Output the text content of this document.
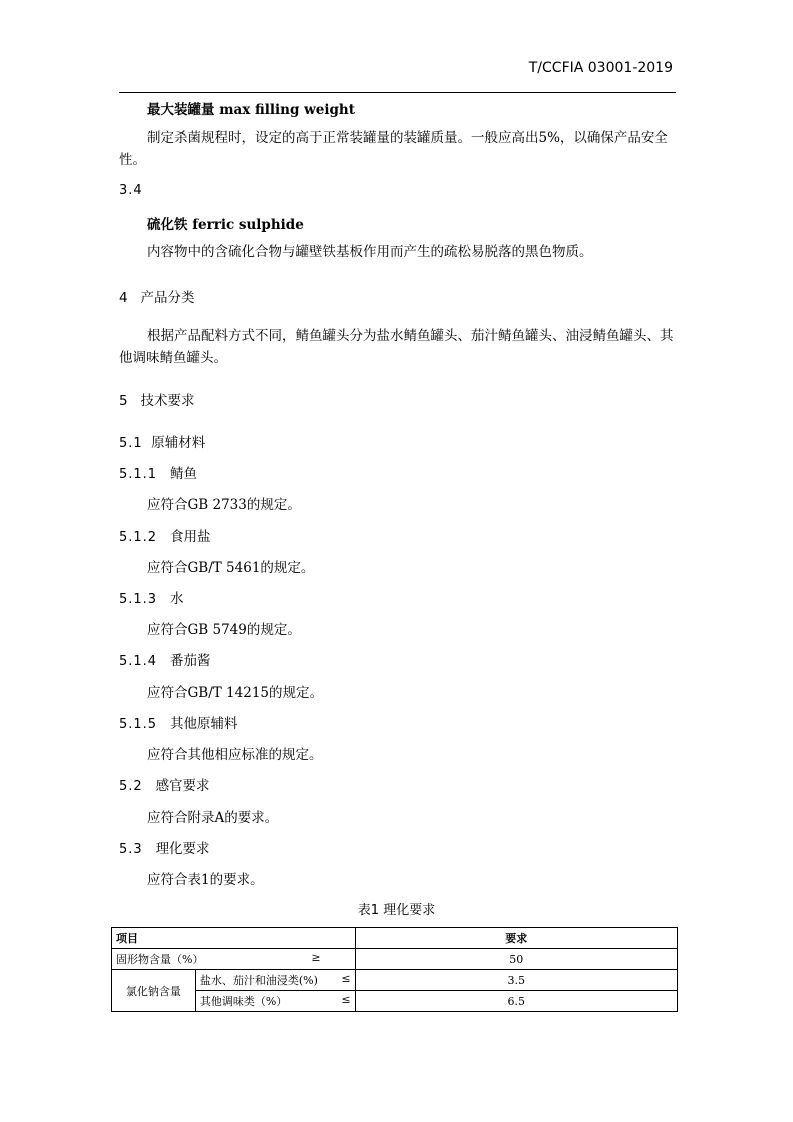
T/CCFIA 03001-2019
最大装罐量 max filling weight
制定杀菌规程时，设定的高于正常装罐量的装罐质量。一般应高出5%，以确保产品安全性。
3.4
硫化铁 ferric sulphide
内容物中的含硫化合物与罐壁铁基板作用而产生的疏松易脱落的黑色物质。
4 产品分类
根据产品配料方式不同，鲭鱼罐头分为盐水鲭鱼罐头、茄汁鲭鱼罐头、油浸鲭鱼罐头、其他调味鲭鱼罐头。
5 技术要求
5.1 原辅材料
5.1.1 鲭鱼
应符合GB 2733的规定。
5.1.2 食用盐
应符合GB/T 5461的规定。
5.1.3 水
应符合GB 5749的规定。
5.1.4 番茄酱
应符合GB/T 14215的规定。
5.1.5 其他原辅料
应符合其他相应标准的规定。
5.2 感官要求
应符合附录A的要求。
5.3 理化要求
应符合表1的要求。
表1 理化要求
项目		要求
固形物含量（%） ≥		50
氯化钠含量	盐水、茄汁和油浸类(%) ≤	3.5
	其他调味类（%） ≤	6.5
